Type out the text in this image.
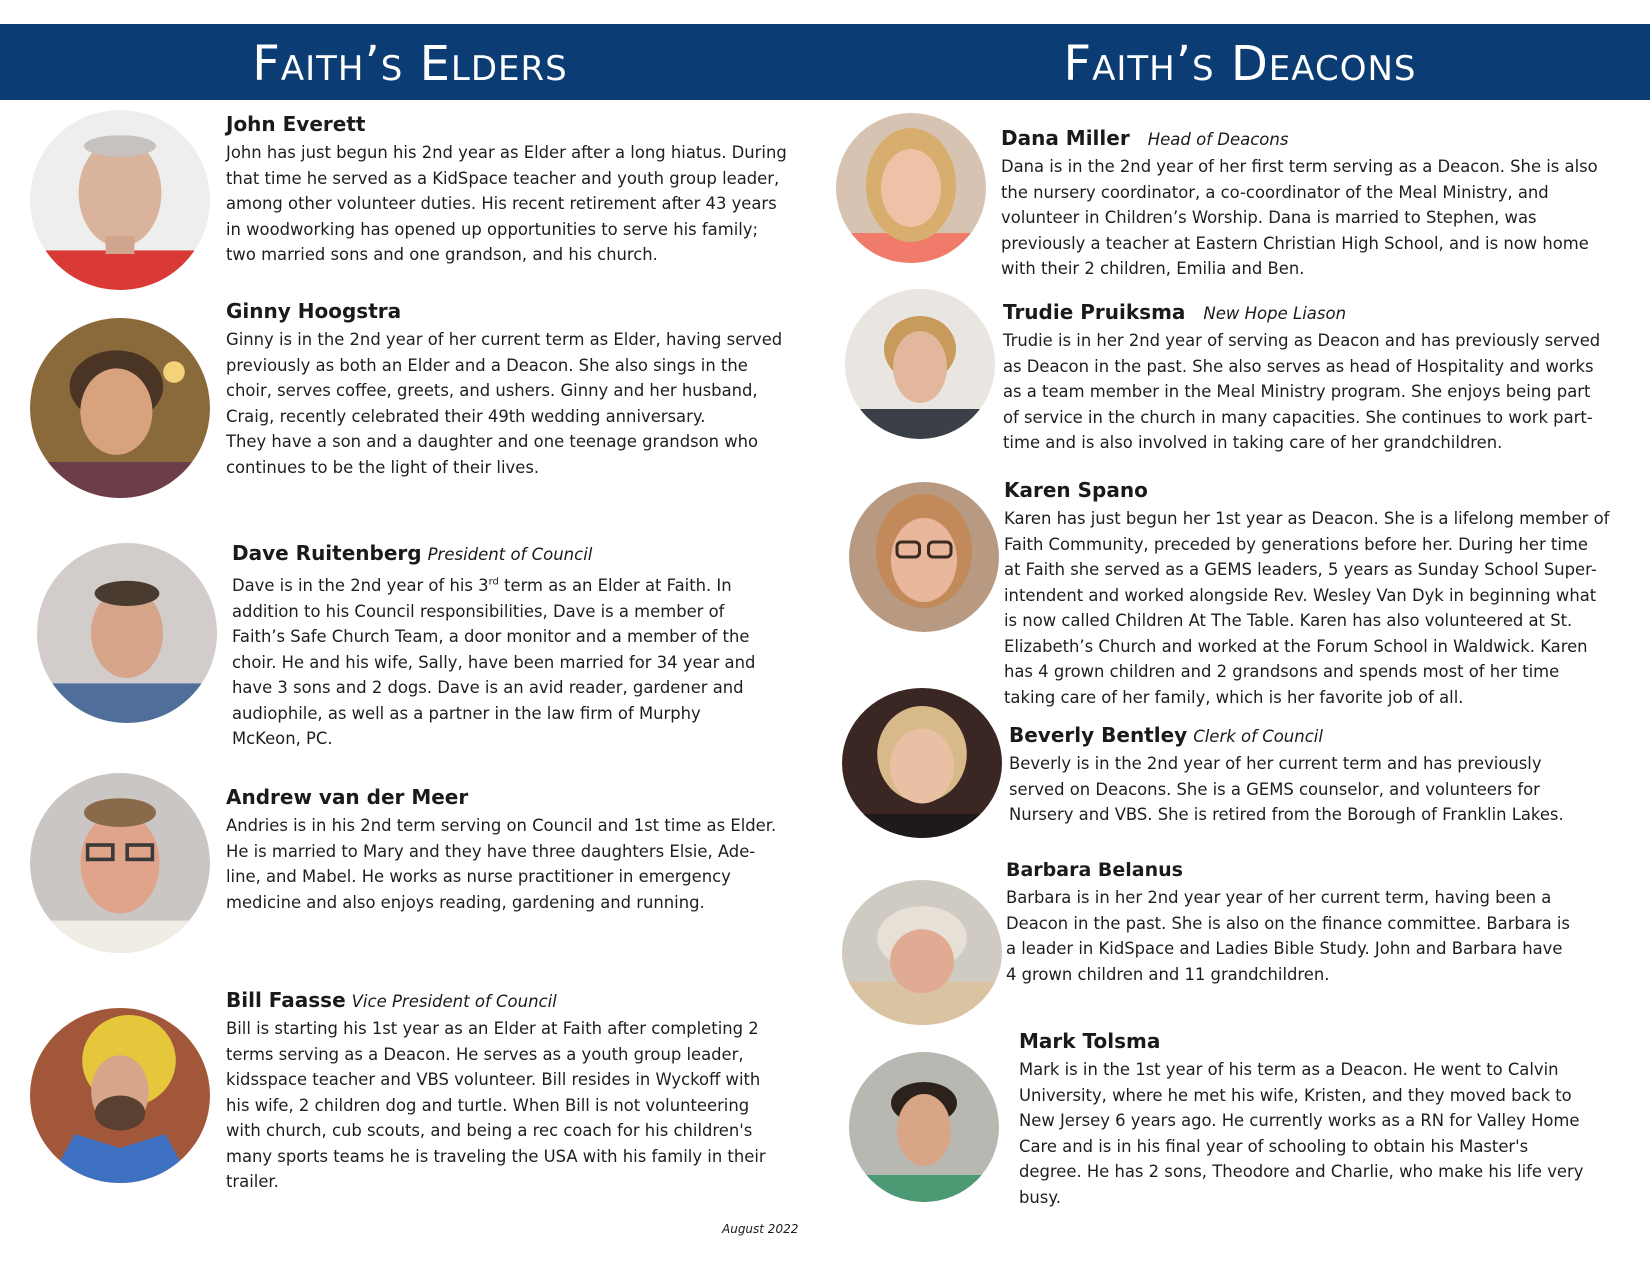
Faith’s Elders	Faith’s Deacons
John Everett
John has just begun his 2nd year as Elder after a long hiatus. During
that time he served as a KidSpace teacher and youth group leader,
among other volunteer duties. His recent retirement after 43 years
in woodworking has opened up opportunities to serve his family;
two married sons and one grandson, and his church.
Ginny Hoogstra
Ginny is in the 2nd year of her current term as Elder, having served
previously as both an Elder and a Deacon. She also sings in the
choir, serves coffee, greets, and ushers. Ginny and her husband,
Craig, recently celebrated their 49th wedding anniversary.
They have a son and a daughter and one teenage grandson who
continues to be the light of their lives.
Dave Ruitenberg President of Council
Dave is in the 2nd year of his 3rd term as an Elder at Faith. In
addition to his Council responsibilities, Dave is a member of
Faith’s Safe Church Team, a door monitor and a member of the
choir. He and his wife, Sally, have been married for 34 year and
have 3 sons and 2 dogs. Dave is an avid reader, gardener and
audiophile, as well as a partner in the law firm of Murphy
McKeon, PC.
Andrew van der Meer
Andries is in his 2nd term serving on Council and 1st time as Elder.
He is married to Mary and they have three daughters Elsie, Ade-
line, and Mabel. He works as nurse practitioner in emergency
medicine and also enjoys reading, gardening and running.
Bill Faasse Vice President of Council
Bill is starting his 1st year as an Elder at Faith after completing 2
terms serving as a Deacon. He serves as a youth group leader,
kidsspace teacher and VBS volunteer. Bill resides in Wyckoff with
his wife, 2 children dog and turtle. When Bill is not volunteering
with church, cub scouts, and being a rec coach for his children's
many sports teams he is traveling the USA with his family in their
trailer.
Dana Miller Head of Deacons
Dana is in the 2nd year of her first term serving as a Deacon. She is also
the nursery coordinator, a co-coordinator of the Meal Ministry, and
volunteer in Children’s Worship. Dana is married to Stephen, was
previously a teacher at Eastern Christian High School, and is now home
with their 2 children, Emilia and Ben.
Trudie Pruiksma New Hope Liason
Trudie is in her 2nd year of serving as Deacon and has previously served
as Deacon in the past. She also serves as head of Hospitality and works
as a team member in the Meal Ministry program. She enjoys being part
of service in the church in many capacities. She continues to work part-
time and is also involved in taking care of her grandchildren.
Karen Spano
Karen has just begun her 1st year as Deacon. She is a lifelong member of
Faith Community, preceded by generations before her. During her time
at Faith she served as a GEMS leaders, 5 years as Sunday School Super-
intendent and worked alongside Rev. Wesley Van Dyk in beginning what
is now called Children At The Table. Karen has also volunteered at St.
Elizabeth’s Church and worked at the Forum School in Waldwick. Karen
has 4 grown children and 2 grandsons and spends most of her time
taking care of her family, which is her favorite job of all.
Beverly Bentley Clerk of Council
Beverly is in the 2nd year of her current term and has previously
served on Deacons. She is a GEMS counselor, and volunteers for
Nursery and VBS. She is retired from the Borough of Franklin Lakes.
Barbara Belanus
Barbara is in her 2nd year year of her current term, having been a
Deacon in the past. She is also on the finance committee. Barbara is
a leader in KidSpace and Ladies Bible Study. John and Barbara have
4 grown children and 11 grandchildren.
Mark Tolsma
Mark is in the 1st year of his term as a Deacon. He went to Calvin
University, where he met his wife, Kristen, and they moved back to
New Jersey 6 years ago. He currently works as a RN for Valley Home
Care and is in his final year of schooling to obtain his Master's
degree. He has 2 sons, Theodore and Charlie, who make his life very
busy.
August 2022
